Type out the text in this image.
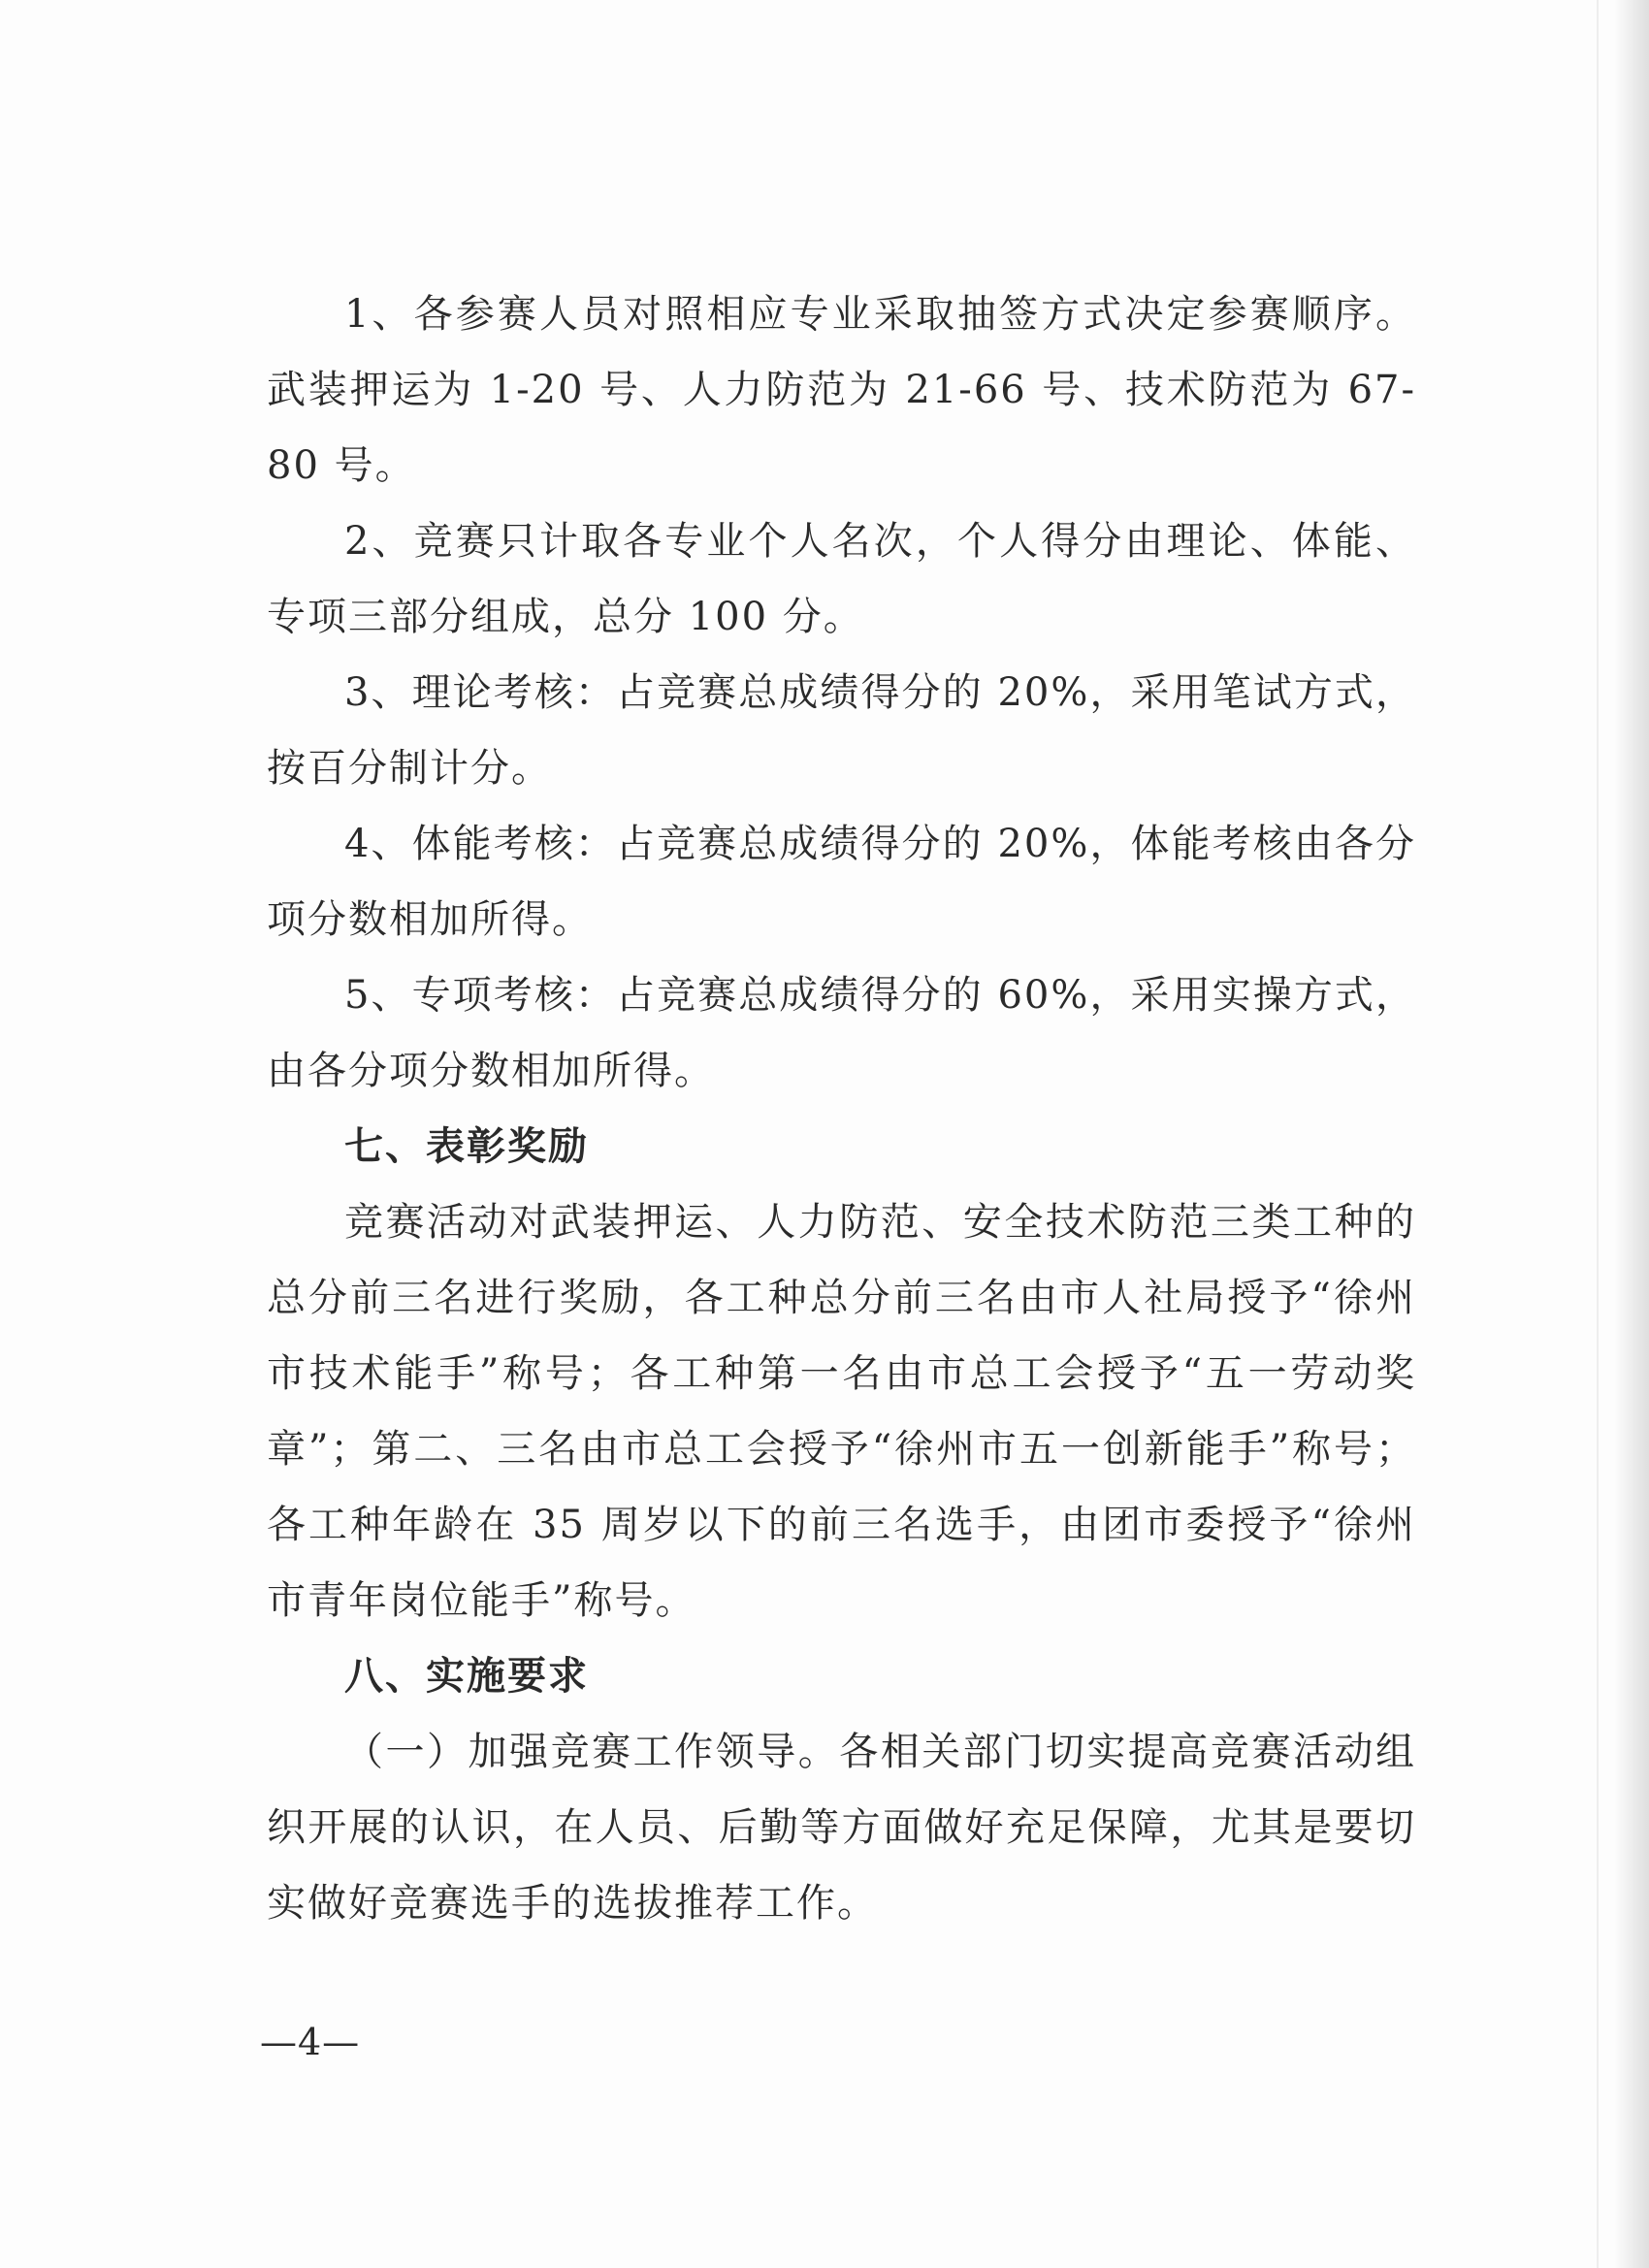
1、各参赛人员对照相应专业采取抽签方式决定参赛顺序。武装押运为 1-20 号、人力防范为 21-66 号、技术防范为 67-80 号。

2、竞赛只计取各专业个人名次，个人得分由理论、体能、专项三部分组成，总分 100 分。

3、理论考核：占竞赛总成绩得分的 20%，采用笔试方式，按百分制计分。

4、体能考核：占竞赛总成绩得分的 20%，体能考核由各分项分数相加所得。

5、专项考核：占竞赛总成绩得分的 60%，采用实操方式，由各分项分数相加所得。

七、表彰奖励

竞赛活动对武装押运、人力防范、安全技术防范三类工种的总分前三名进行奖励，各工种总分前三名由市人社局授予“徐州市技术能手”称号；各工种第一名由市总工会授予“五一劳动奖章”；第二、三名由市总工会授予“徐州市五一创新能手”称号；各工种年龄在 35 周岁以下的前三名选手，由团市委授予“徐州市青年岗位能手”称号。

八、实施要求

（一）加强竞赛工作领导。各相关部门切实提高竞赛活动组织开展的认识，在人员、后勤等方面做好充足保障，尤其是要切实做好竞赛选手的选拔推荐工作。

—4—
